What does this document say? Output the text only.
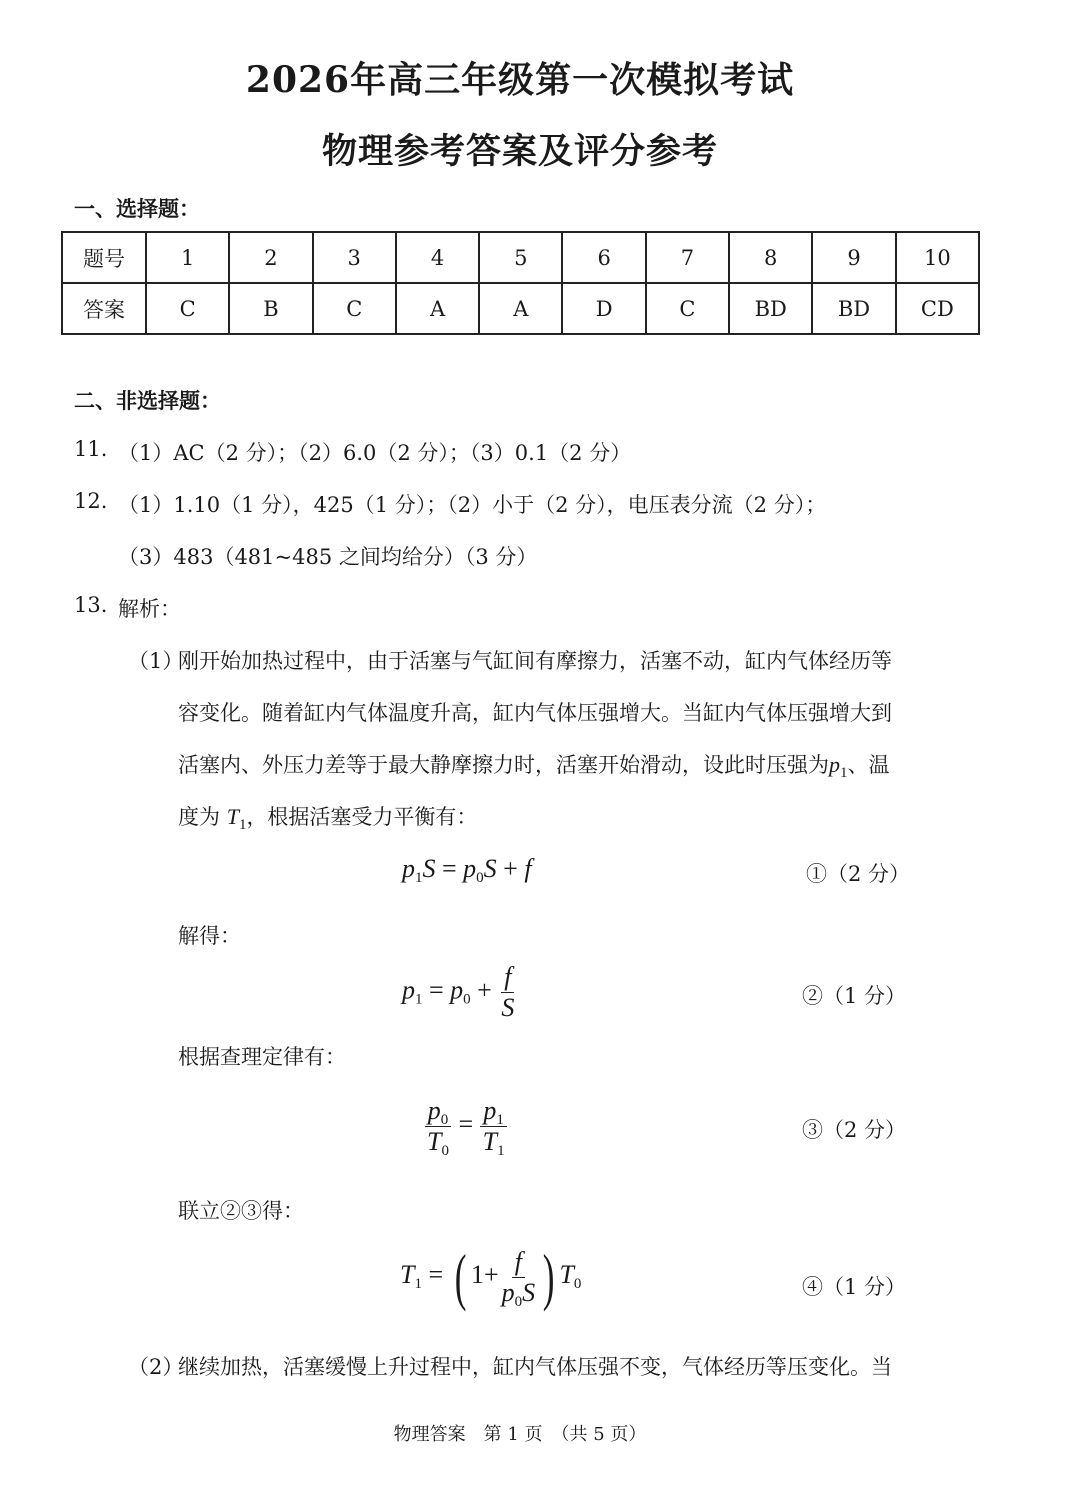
2026年高三年级第一次模拟考试
物理参考答案及评分参考
一、选择题：
题号	1	2	3	4	5	6	7	8	9	10
答案	C	B	C	A	A	D	C	BD	BD	CD
二、非选择题：
11. （1）AC（2 分）；（2）6.0（2 分）；（3）0.1（2 分）
12. （1）1.10（1 分），425（1 分）；（2）小于（2 分），电压表分流（2 分）；
（3）483（481~485 之间均给分）（3 分）
13. 解析：
（1）
刚开始加热过程中，由于活塞与气缸间有摩擦力，活塞不动，缸内气体经历等
容变化。随着缸内气体温度升高，缸内气体压强增大。当缸内气体压强增大到
活塞内、外压力差等于最大静摩擦力时，活塞开始滑动，设此时压强为$p_1$、温
度为 $T_1$，根据活塞受力平衡有：
$p_1S = p_0S + f$	①（2 分）
解得：
$p_1 = p_0 + \frac{f}{S}$	②（1 分）
根据查理定律有：
$\frac{p_0}{T_0} = \frac{p_1}{T_1}$	③（2 分）
联立②③得：
$T_1$ = ( $1+ \frac{f}{p_0S}$ ) $T_0$	④（1 分）
（2）
继续加热，活塞缓慢上升过程中，缸内气体压强不变，气体经历等压变化。当
物理答案　第 1 页　（共 5 页）
